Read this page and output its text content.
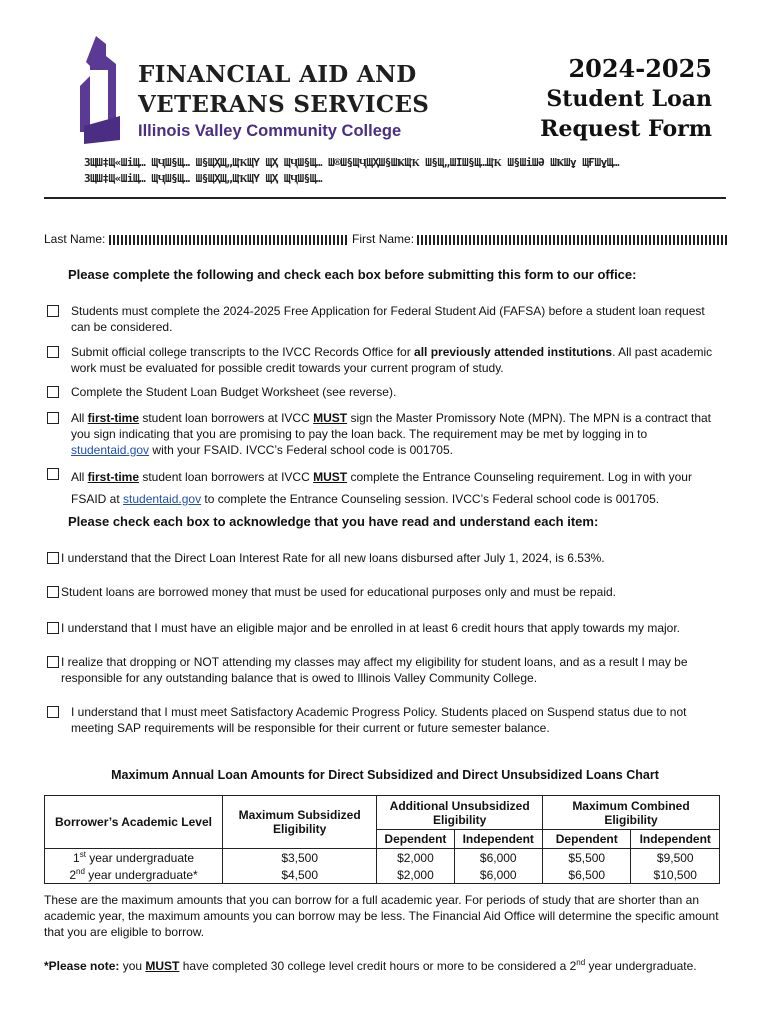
FINANCIAL AID AND
VETERANS SERVICES
Illinois Valley Community College
2024-2025
Student Loan
Request Form
ЗЩШ‡Щ«ШіЩ… ЩҶШ§Щ… Ш§ЩҲЩ„ЩҠЩҮ ЩҲ ЩҶШ§Щ… Ш®Ш§ЩҶЩҲШ§ШҜЩҠ Ш§Щ„ШІШ§Щ…ЩҠ Ш§ШіШӘ ШҜШұ ЩҒШұЩ…
ЗЩШ‡Щ«ШіЩ… ЩҶШ§Щ… Ш§ЩҲЩ„ЩҠЩҮ ЩҲ ЩҶШ§Щ…
Last Name:	First Name:
Please complete the following and check each box before submitting this form to our office:
Students must complete the 2024-2025 Free Application for Federal Student Aid (FAFSA) before a student loan request can be considered.
Submit official college transcripts to the IVCC Records Office for all previously attended institutions. All past academic work must be evaluated for possible credit towards your current program of study.
Complete the Student Loan Budget Worksheet (see reverse).
All first-time student loan borrowers at IVCC MUST sign the Master Promissory Note (MPN). The MPN is a contract that you sign indicating that you are promising to pay the loan back. The requirement may be met by logging in to studentaid.gov with your FSAID. IVCC’s Federal school code is 001705.
All first-time student loan borrowers at IVCC MUST complete the Entrance Counseling requirement. Log in with your FSAID at studentaid.gov to complete the Entrance Counseling session. IVCC’s Federal school code is 001705.
Please check each box to acknowledge that you have read and understand each item:
I understand that the Direct Loan Interest Rate for all new loans disbursed after July 1, 2024, is 6.53%.
Student loans are borrowed money that must be used for educational purposes only and must be repaid.
I understand that I must have an eligible major and be enrolled in at least 6 credit hours that apply towards my major.
I realize that dropping or NOT attending my classes may affect my eligibility for student loans, and as a result I may be responsible for any outstanding balance that is owed to Illinois Valley Community College.
I understand that I must meet Satisfactory Academic Progress Policy. Students placed on Suspend status due to not meeting SAP requirements will be responsible for their current or future semester balance.
Maximum Annual Loan Amounts for Direct Subsidized and Direct Unsubsidized Loans Chart
Borrower’s Academic Level	Maximum Subsidized Eligibility	Additional Unsubsidized Eligibility		Maximum Combined Eligibility	
		Dependent	Independent	Dependent	Independent
1st year undergraduate	$3,500	$2,000	$6,000	$5,500	$9,500
2nd year undergraduate*	$4,500	$2,000	$6,000	$6,500	$10,500
These are the maximum amounts that you can borrow for a full academic year. For periods of study that are shorter than an academic year, the maximum amounts you can borrow may be less. The Financial Aid Office will determine the specific amount that you are eligible to borrow.
*Please note: you MUST have completed 30 college level credit hours or more to be considered a 2nd year undergraduate.
